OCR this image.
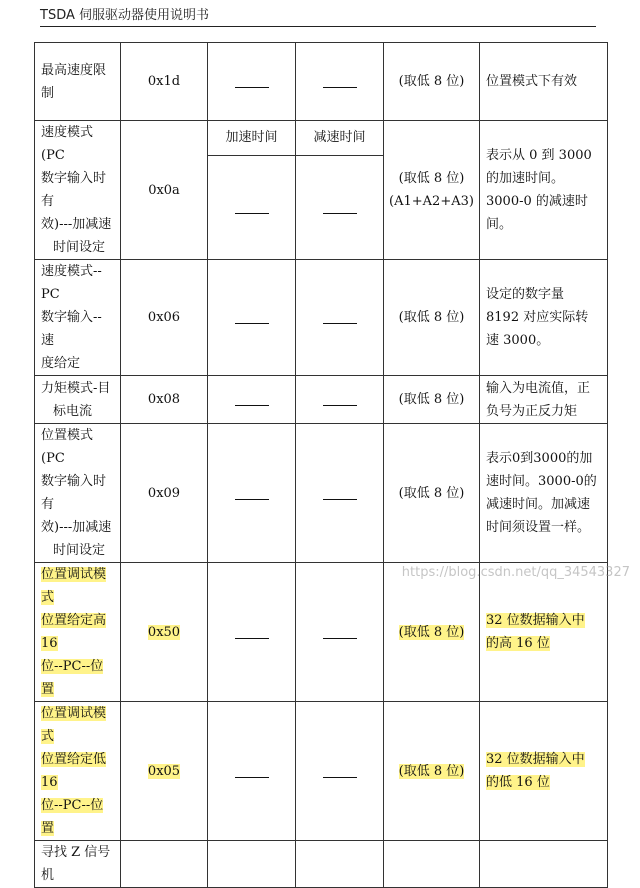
TSDA 伺服驱动器使用说明书
最高速度限制	0x1d			(取低 8 位)	位置模式下有效
速度模式(PC
数字输入时有
效)---加减速
时间设定	0x0a	加速时间	减速时间	(取低 8 位)
(A1+A2+A3)	表示从 0 到 3000
的加速时间。
3000-0 的减速时
间。

速度模式--PC
数字输入--速
度给定	0x06			(取低 8 位)	设定的数字量
8192 对应实际转
速 3000。
力矩模式-目
标电流	0x08			(取低 8 位)	输入为电流值，正
负号为正反力矩
位置模式(PC
数字输入时有
效)---加减速
时间设定	0x09			(取低 8 位)	表示0到3000的加
速时间。3000-0的
减速时间。加减速
时间须设置一样。
位置调试模式
位置给定高 16
位--PC--位置	0x50			(取低 8 位)	32 位数据输入中
的高 16 位
位置调试模式
位置给定低 16
位--PC--位置	0x05			(取低 8 位)	32 位数据输入中
的低 16 位
寻找 Z 信号机					
https://blog.csdn.net/qq_34543327
